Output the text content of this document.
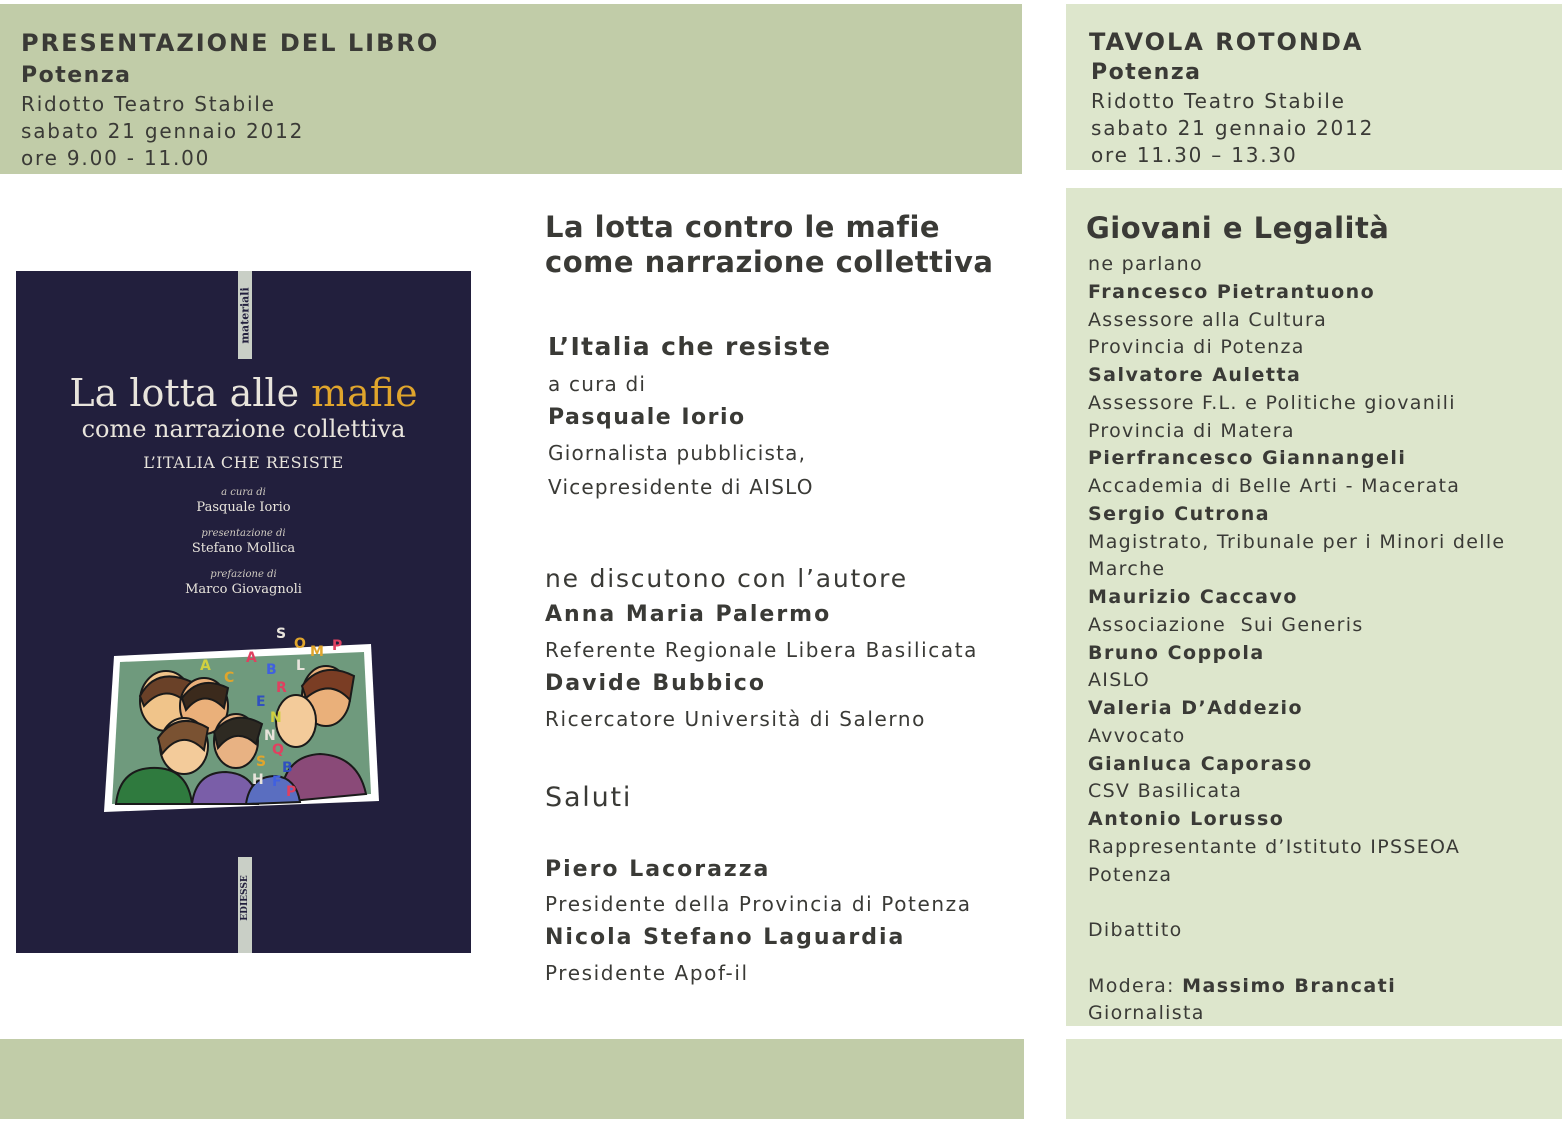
PRESENTAZIONE DEL LIBRO

Potenza

Ridotto Teatro Stabile

sabato 21 gennaio 2012

ore 9.00 - 11.00

TAVOLA ROTONDA

Potenza

Ridotto Teatro Stabile

sabato 21 gennaio 2012

ore 11.30 – 13.30

materiali
La lotta alle mafie
come narrazione collettiva
L’ITALIA CHE RESISTE
a cura di
Pasquale Iorio
presentazione di
Stefano Mollica
prefazione di
Marco Giovagnoli
S
O
A
B
C
R
E
N
L
Q
M P
H F
A
S
P
N
B
EDIESSE

La lotta contro le mafie

come narrazione collettiva

L’Italia che resiste

a cura di

Pasquale Iorio

Giornalista pubblicista,

Vicepresidente di AISLO

ne discutono con l’autore

Anna Maria Palermo

Referente Regionale Libera Basilicata

Davide Bubbico

Ricercatore Università di Salerno

Saluti

Piero Lacorazza

Presidente della Provincia di Potenza

Nicola Stefano Laguardia

Presidente Apof-il

Giovani e Legalità

ne parlano

Francesco Pietrantuono

Assessore alla Cultura

Provincia di Potenza

Salvatore Auletta

Assessore F.L. e Politiche giovanili

Provincia di Matera

Pierfrancesco Giannangeli

Accademia di Belle Arti - Macerata

Sergio Cutrona

Magistrato, Tribunale per i Minori delle

Marche

Maurizio Caccavo

Associazione  Sui Generis

Bruno Coppola

AISLO

Valeria D’Addezio

Avvocato

Gianluca Caporaso

CSV Basilicata

Antonio Lorusso

Rappresentante d’Istituto IPSSEOA

Potenza

Dibattito

Modera: Massimo Brancati

Giornalista
